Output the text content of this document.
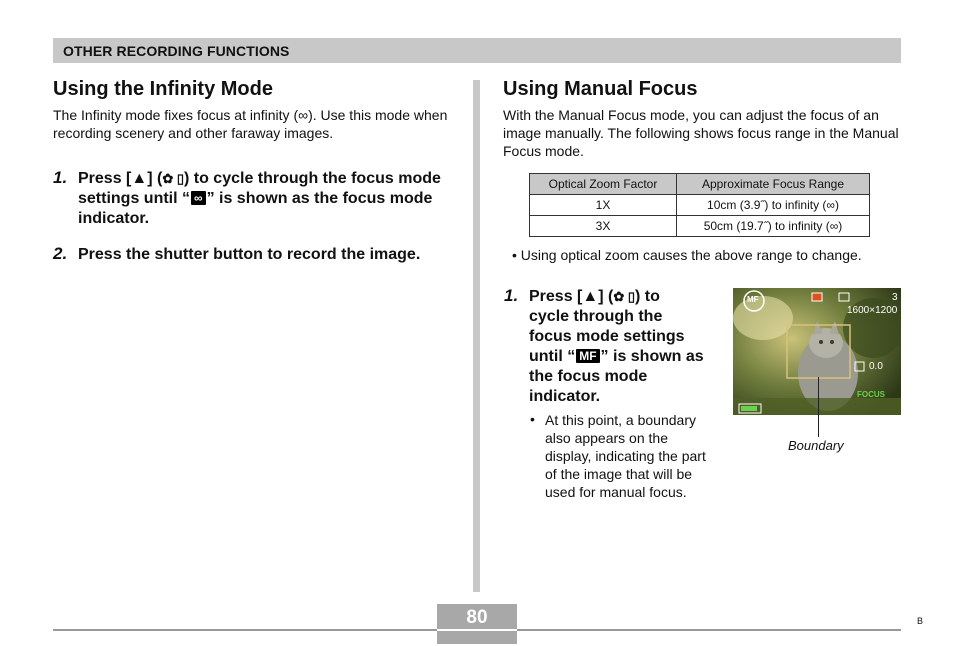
OTHER RECORDING FUNCTIONS
Using the Infinity Mode
The Infinity mode fixes focus at infinity (∞). Use this mode when recording scenery and other faraway images.
1. Press [▲] (✿ ▯) to cycle through the focus mode settings until “ ∞ ” is shown as the focus mode indicator.
2. Press the shutter button to record the image.
Using Manual Focus
With the Manual Focus mode, you can adjust the focus of an image manually. The following shows focus range in the Manual Focus mode.
Optical Zoom Factor	Approximate Focus Range
1X	10cm (3.9˝) to infinity (∞)
3X	50cm (19.7˝) to infinity (∞)
• Using optical zoom causes the above range to change.
1. Press [▲] (✿ ▯) to cycle through the focus mode settings until “ MF ” is shown as the focus mode indicator.
• At this point, a boundary also appears on the display, indicating the part of the image that will be used for manual focus.
MF	3
1600×1200
0.0
FOCUS
Boundary
80	B
